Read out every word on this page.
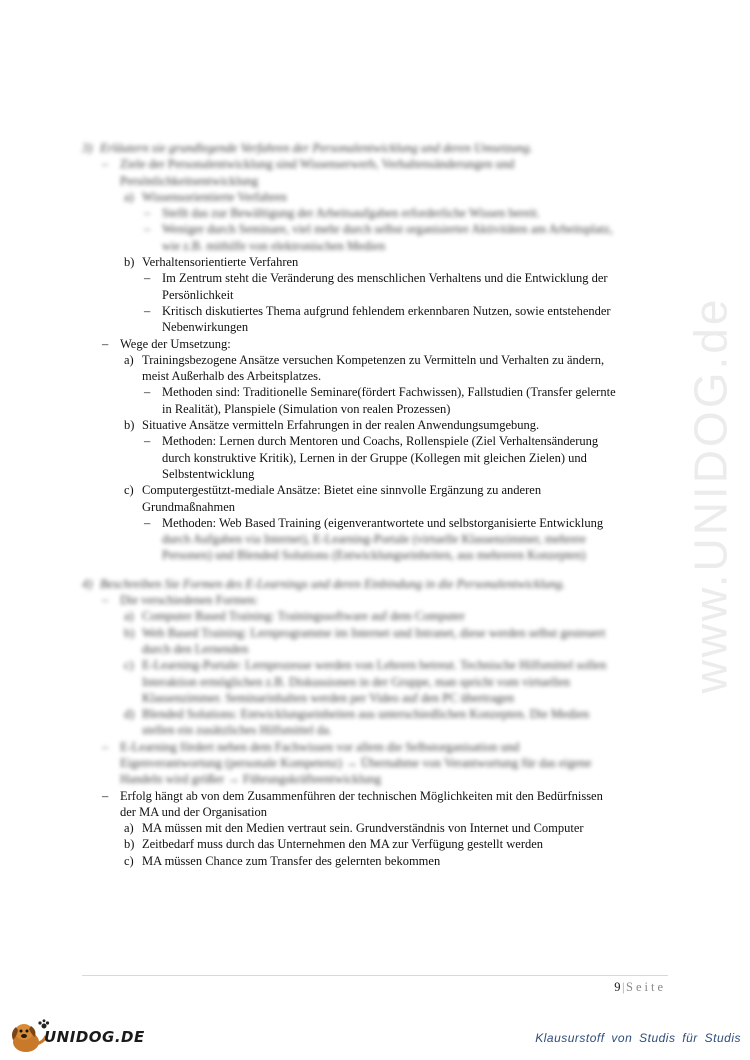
www.UNIDOG.de
3) Erläutern sie grundlegende Verfahren der Personalentwicklung und deren Umsetzung.
– Ziele der Personalentwicklung sind Wissenserwerb, Verhaltensänderungen und
Persönlichkeitsentwicklung
a) Wissensorientierte Verfahren
– Stellt das zur Bewältigung der Arbeitsaufgaben erforderliche Wissen bereit.
– Weniger durch Seminare, viel mehr durch selbst organisierter Aktivitäten am Arbeitsplatz,
wie z.B. mithilfe von elektronischen Medien
b) Verhaltensorientierte Verfahren
– Im Zentrum steht die Veränderung des menschlichen Verhaltens und die Entwicklung der
Persönlichkeit
– Kritisch diskutiertes Thema aufgrund fehlendem erkennbaren Nutzen, sowie entstehender
Nebenwirkungen
– Wege der Umsetzung:
a) Trainingsbezogene Ansätze versuchen Kompetenzen zu Vermitteln und Verhalten zu ändern,
meist Außerhalb des Arbeitsplatzes.
– Methoden sind: Traditionelle Seminare(fördert Fachwissen), Fallstudien (Transfer gelernte
in Realität), Planspiele (Simulation von realen Prozessen)
b) Situative Ansätze vermitteln Erfahrungen in der realen Anwendungsumgebung.
– Methoden: Lernen durch Mentoren und Coachs, Rollenspiele (Ziel Verhaltensänderung
durch konstruktive Kritik), Lernen in der Gruppe (Kollegen mit gleichen Zielen) und
Selbstentwicklung
c) Computergestützt-mediale Ansätze: Bietet eine sinnvolle Ergänzung zu anderen
Grundmaßnahmen
– Methoden: Web Based Training (eigenverantwortete und selbstorganisierte Entwicklung
durch Aufgaben via Internet), E-Learning-Portale (virtuelle Klassenzimmer, mehrere
Personen) und Blended Solutions (Entwicklungseinheiten, aus mehreren Konzepten)
4) Beschreiben Sie Formen des E-Learnings und deren Einbindung in die Personalentwicklung.
– Die verschiedenen Formen:
a) Computer Based Training: Trainingssoftware auf dem Computer
b) Web Based Training: Lernprogramme im Internet und Intranet, diese werden selbst gesteuert
durch den Lernenden
c) E-Learning-Portale: Lernprozesse werden von Lehrern betreut. Technische Hilfsmittel sollen
Interaktion ermöglichen z.B. Diskussionen in der Gruppe, man spricht vom virtuellen
Klassenzimmer. Seminarinhalten werden per Video auf den PC übertragen
d) Blended Solutions: Entwicklungseinheiten aus unterschiedlichen Konzepten. Die Medien
stellen ein zusätzliches Hilfsmittel da.
– E-Learning fördert neben dem Fachwissen vor allem die Selbstorganisation und
Eigenverantwortung (personale Kompetenz) → Übernahme von Verantwortung für das eigene
Handeln wird größer → Führungskräfteentwicklung
– Erfolg hängt ab von dem Zusammenführen der technischen Möglichkeiten mit den Bedürfnissen
der MA und der Organisation
a) MA müssen mit den Medien vertraut sein. Grundverständnis von Internet und Computer
b) Zeitbedarf muss durch das Unternehmen den MA zur Verfügung gestellt werden
c) MA müssen Chance zum Transfer des gelernten bekommen
9|Seite
UNIDOG.DE	Klausurstoff von Studis für Studis
